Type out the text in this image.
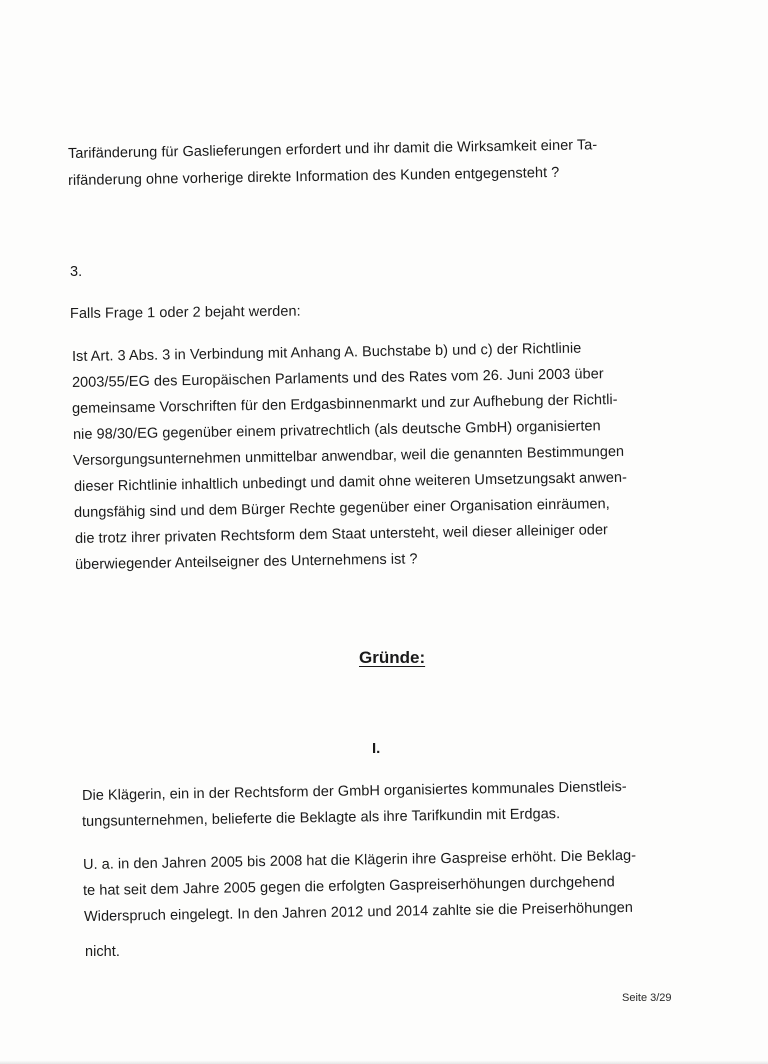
Tarifänderung für Gaslieferungen erfordert und ihr damit die Wirksamkeit einer Ta-
rifänderung ohne vorherige direkte Information des Kunden entgegensteht ?
3.
Falls Frage 1 oder 2 bejaht werden:
Ist Art. 3 Abs. 3 in Verbindung mit Anhang A. Buchstabe b) und c) der Richtlinie
2003/55/EG des Europäischen Parlaments und des Rates vom 26. Juni 2003 über
gemeinsame Vorschriften für den Erdgasbinnenmarkt und zur Aufhebung der Richtli-
nie 98/30/EG gegenüber einem privatrechtlich (als deutsche GmbH) organisierten
Versorgungsunternehmen unmittelbar anwendbar, weil die genannten Bestimmungen
dieser Richtlinie inhaltlich unbedingt und damit ohne weiteren Umsetzungsakt anwen-
dungsfähig sind und dem Bürger Rechte gegenüber einer Organisation einräumen,
die trotz ihrer privaten Rechtsform dem Staat untersteht, weil dieser alleiniger oder
überwiegender Anteilseigner des Unternehmens ist ?
Gründe:
I.
Die Klägerin, ein in der Rechtsform der GmbH organisiertes kommunales Dienstleis-
tungsunternehmen, belieferte die Beklagte als ihre Tarifkundin mit Erdgas.
U. a. in den Jahren 2005 bis 2008 hat die Klägerin ihre Gaspreise erhöht. Die Beklag-
te hat seit dem Jahre 2005 gegen die erfolgten Gaspreiserhöhungen durchgehend
Widerspruch eingelegt. In den Jahren 2012 und 2014 zahlte sie die Preiserhöhungen
nicht.
Seite 3/29
